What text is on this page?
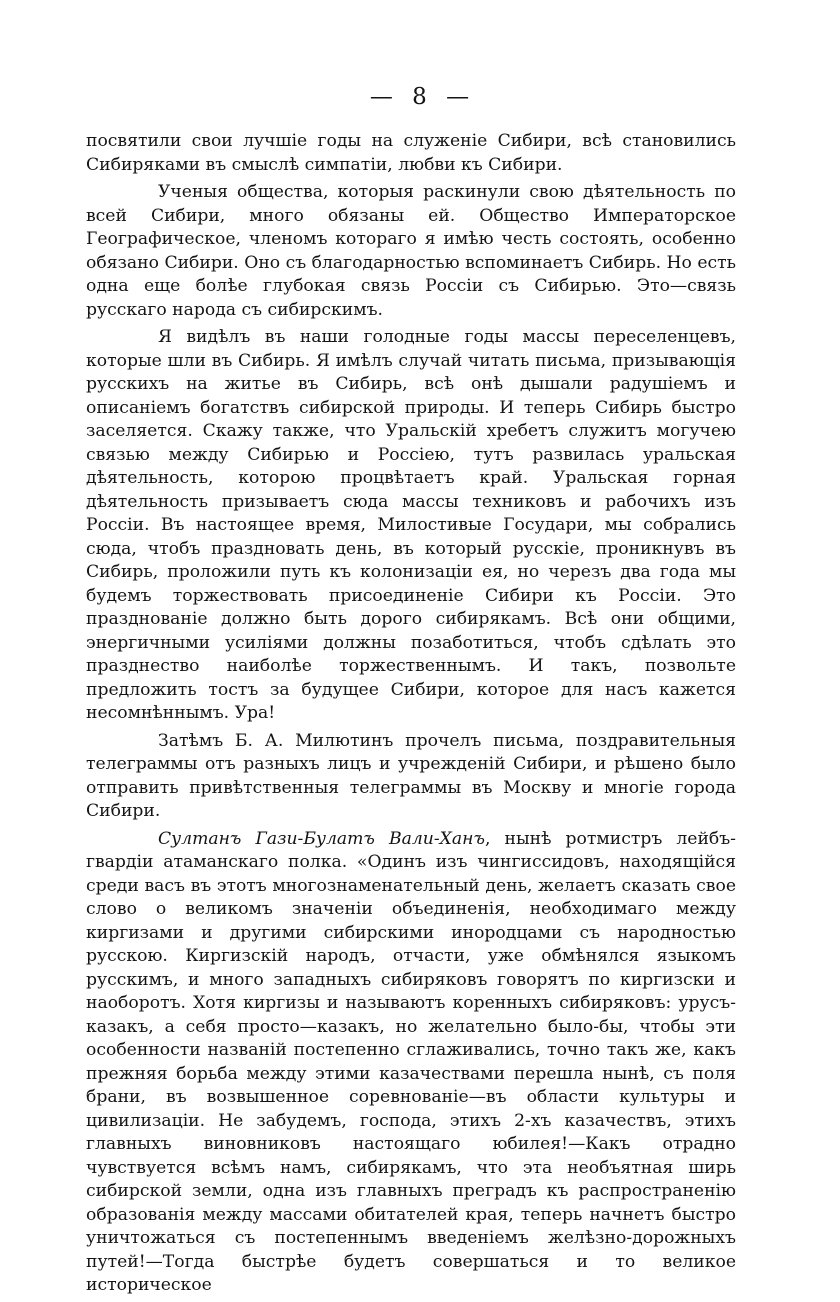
— 8 —

посвятили свои лучшіе годы на служеніе Сибири, всѣ становились Сибиряками въ смыслѣ симпатіи, любви къ Сибири.

Ученыя общества, которыя раскинули свою дѣятельность по всей Сибири, много обязаны ей. Общество Императорское Географическое, членомъ котораго я имѣю честь состоять, особенно обязано Сибири. Оно съ благодарностью вспоминаетъ Сибирь. Но есть одна еще болѣе глубокая связь Россіи съ Сибирью. Это—связь русскаго народа съ сибирскимъ.

Я видѣлъ въ наши голодные годы массы переселенцевъ, которые шли въ Сибирь. Я имѣлъ случай читать письма, призывающія русскихъ на житье въ Сибирь, всѣ онѣ дышали радушіемъ и описаніемъ богатствъ сибирской природы. И теперь Сибирь быстро заселяется. Скажу также, что Уральскій хребетъ служитъ могучею связью между Сибирью и Россіею, тутъ развилась уральская дѣятельность, которою процвѣтаетъ край. Уральская горная дѣятельность призываетъ сюда массы техниковъ и рабочихъ изъ Россіи. Въ настоящее время, Милостивые Государи, мы собрались сюда, чтобъ праздновать день, въ который русскіе, проникнувъ въ Сибирь, проложили путь къ колонизаціи ея, но черезъ два года мы будемъ торжествовать присоединеніе Сибири къ Россіи. Это празднованіе должно быть дорого сибирякамъ. Всѣ они общими, энергичными усиліями должны позаботиться, чтобъ сдѣлать это празднество наиболѣе торжественнымъ. И такъ, позвольте предложить тостъ за будущее Сибири, которое для насъ кажется несомнѣннымъ. Ура!

Затѣмъ Б. А. Милютинъ прочелъ письма, поздравительныя телеграммы отъ разныхъ лицъ и учрежденій Сибири, и рѣшено было отправить привѣтственныя телеграммы въ Москву и многіе города Сибири.

Султанъ Гази-Булатъ Вали-Ханъ, нынѣ ротмистръ лейбъ-гвардіи атаманскаго полка. «Одинъ изъ чингиссидовъ, находящійся среди васъ въ этотъ многознаменательный день, желаетъ сказать свое слово о великомъ значеніи объединенія, необходимаго между киргизами и другими сибирскими инородцами съ народностью русскою. Киргизскій народъ, отчасти, уже обмѣнялся языкомъ русскимъ, и много западныхъ сибиряковъ говорятъ по киргизски и наоборотъ. Хотя киргизы и называютъ коренныхъ сибиряковъ: урусъ-казакъ, а себя просто—казакъ, но желательно было-бы, чтобы эти особенности названій постепенно сглаживались, точно такъ же, какъ прежняя борьба между этими казачествами перешла нынѣ, съ поля брани, въ возвышенное соревнованіе—въ области культуры и цивилизаціи. Не забудемъ, господа, этихъ 2-хъ казачествъ, этихъ главныхъ виновниковъ настоящаго юбилея!—Какъ отрадно чувствуется всѣмъ намъ, сибирякамъ, что эта необъятная ширь сибирской земли, одна изъ главныхъ преградъ къ распространенію образованія между массами обитателей края, теперь начнетъ быстро уничтожаться съ постепеннымъ введеніемъ желѣзно-дорожныхъ путей!—Тогда быстрѣе будетъ совершаться и то великое историческое
